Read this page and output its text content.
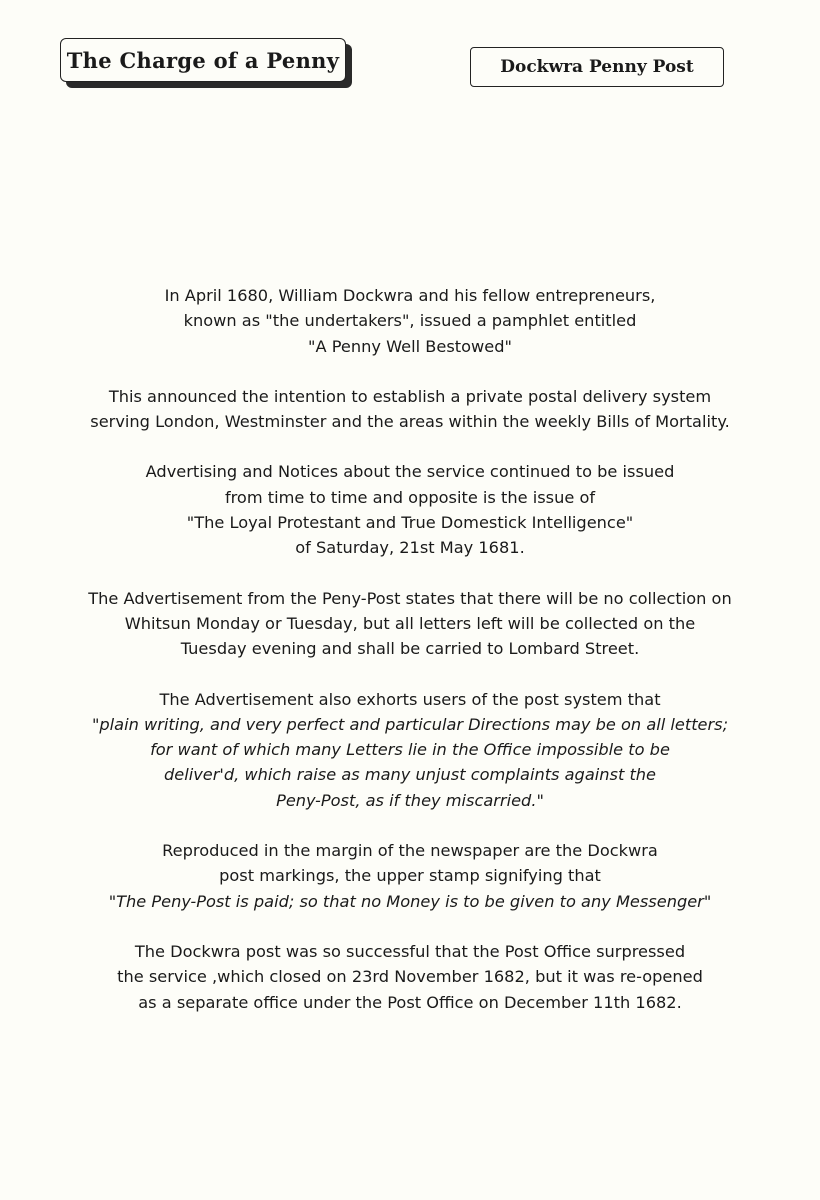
The Charge of a Penny	Dockwra Penny Post

In April 1680, William Dockwra and his fellow entrepreneurs,
known as "the undertakers", issued a pamphlet entitled
"A Penny Well Bestowed"

This announced the intention to establish a private postal delivery system
serving London, Westminster and the areas within the weekly Bills of Mortality.

Advertising and Notices about the service continued to be issued
from time to time and opposite is the issue of
"The Loyal Protestant and True Domestick Intelligence"
of Saturday, 21st May 1681.

The Advertisement from the Peny-Post states that there will be no collection on
Whitsun Monday or Tuesday, but all letters left will be collected on the
Tuesday evening and shall be carried to Lombard Street.

The Advertisement also exhorts users of the post system that
"plain writing, and very perfect and particular Directions may be on all letters;
for want of which many Letters lie in the Office impossible to be
deliver'd, which raise as many unjust complaints against the
Peny-Post, as if they miscarried."

Reproduced in the margin of the newspaper are the Dockwra
post markings, the upper stamp signifying that
"The Peny-Post is paid; so that no Money is to be given to any Messenger"

The Dockwra post was so successful that the Post Office surpressed
the service ,which closed on 23rd November 1682, but it was re-opened
as a separate office under the Post Office on December 11th 1682.
